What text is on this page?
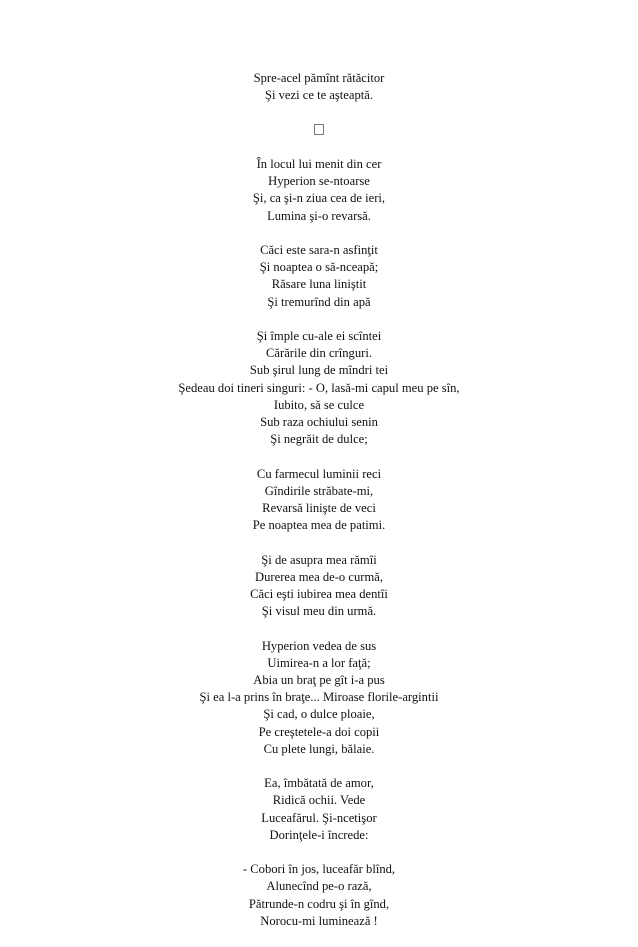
Spre-acel pămînt rătăcitor
Şi vezi ce te aşteaptă.
În locul lui menit din cer
Hyperion se-ntoarse
Şi, ca şi-n ziua cea de ieri,
Lumina şi-o revarsă.
Căci este sara-n asfinţit
Şi noaptea o să-nceapă;
Răsare luna liniştit
Şi tremurînd din apă
Şi împle cu-ale ei scîntei
Cărările din crînguri.
Sub şirul lung de mîndri tei
Şedeau doi tineri singuri: - O, lasă-mi capul meu pe sîn,
Iubito, să se culce
Sub raza ochiului senin
Şi negrăit de dulce;
Cu farmecul luminii reci
Gîndirile străbate-mi,
Revarsă linişte de veci
Pe noaptea mea de patimi.
Şi de asupra mea rămîi
Durerea mea de-o curmă,
Căci eşti iubirea mea dentîi
Şi visul meu din urmă.
Hyperion vedea de sus
Uimirea-n a lor faţă;
Abia un braţ pe gît i-a pus
Şi ea l-a prins în braţe... Miroase florile-argintii
Şi cad, o dulce ploaie,
Pe creştetele-a doi copii
Cu plete lungi, bălaie.
Ea, îmbătată de amor,
Ridică ochii. Vede
Luceafărul. Şi-ncetişor
Dorinţele-i încrede:
- Cobori în jos, luceafăr blînd,
Alunecînd pe-o rază,
Pătrunde-n codru şi în gînd,
Norocu-mi luminează !
